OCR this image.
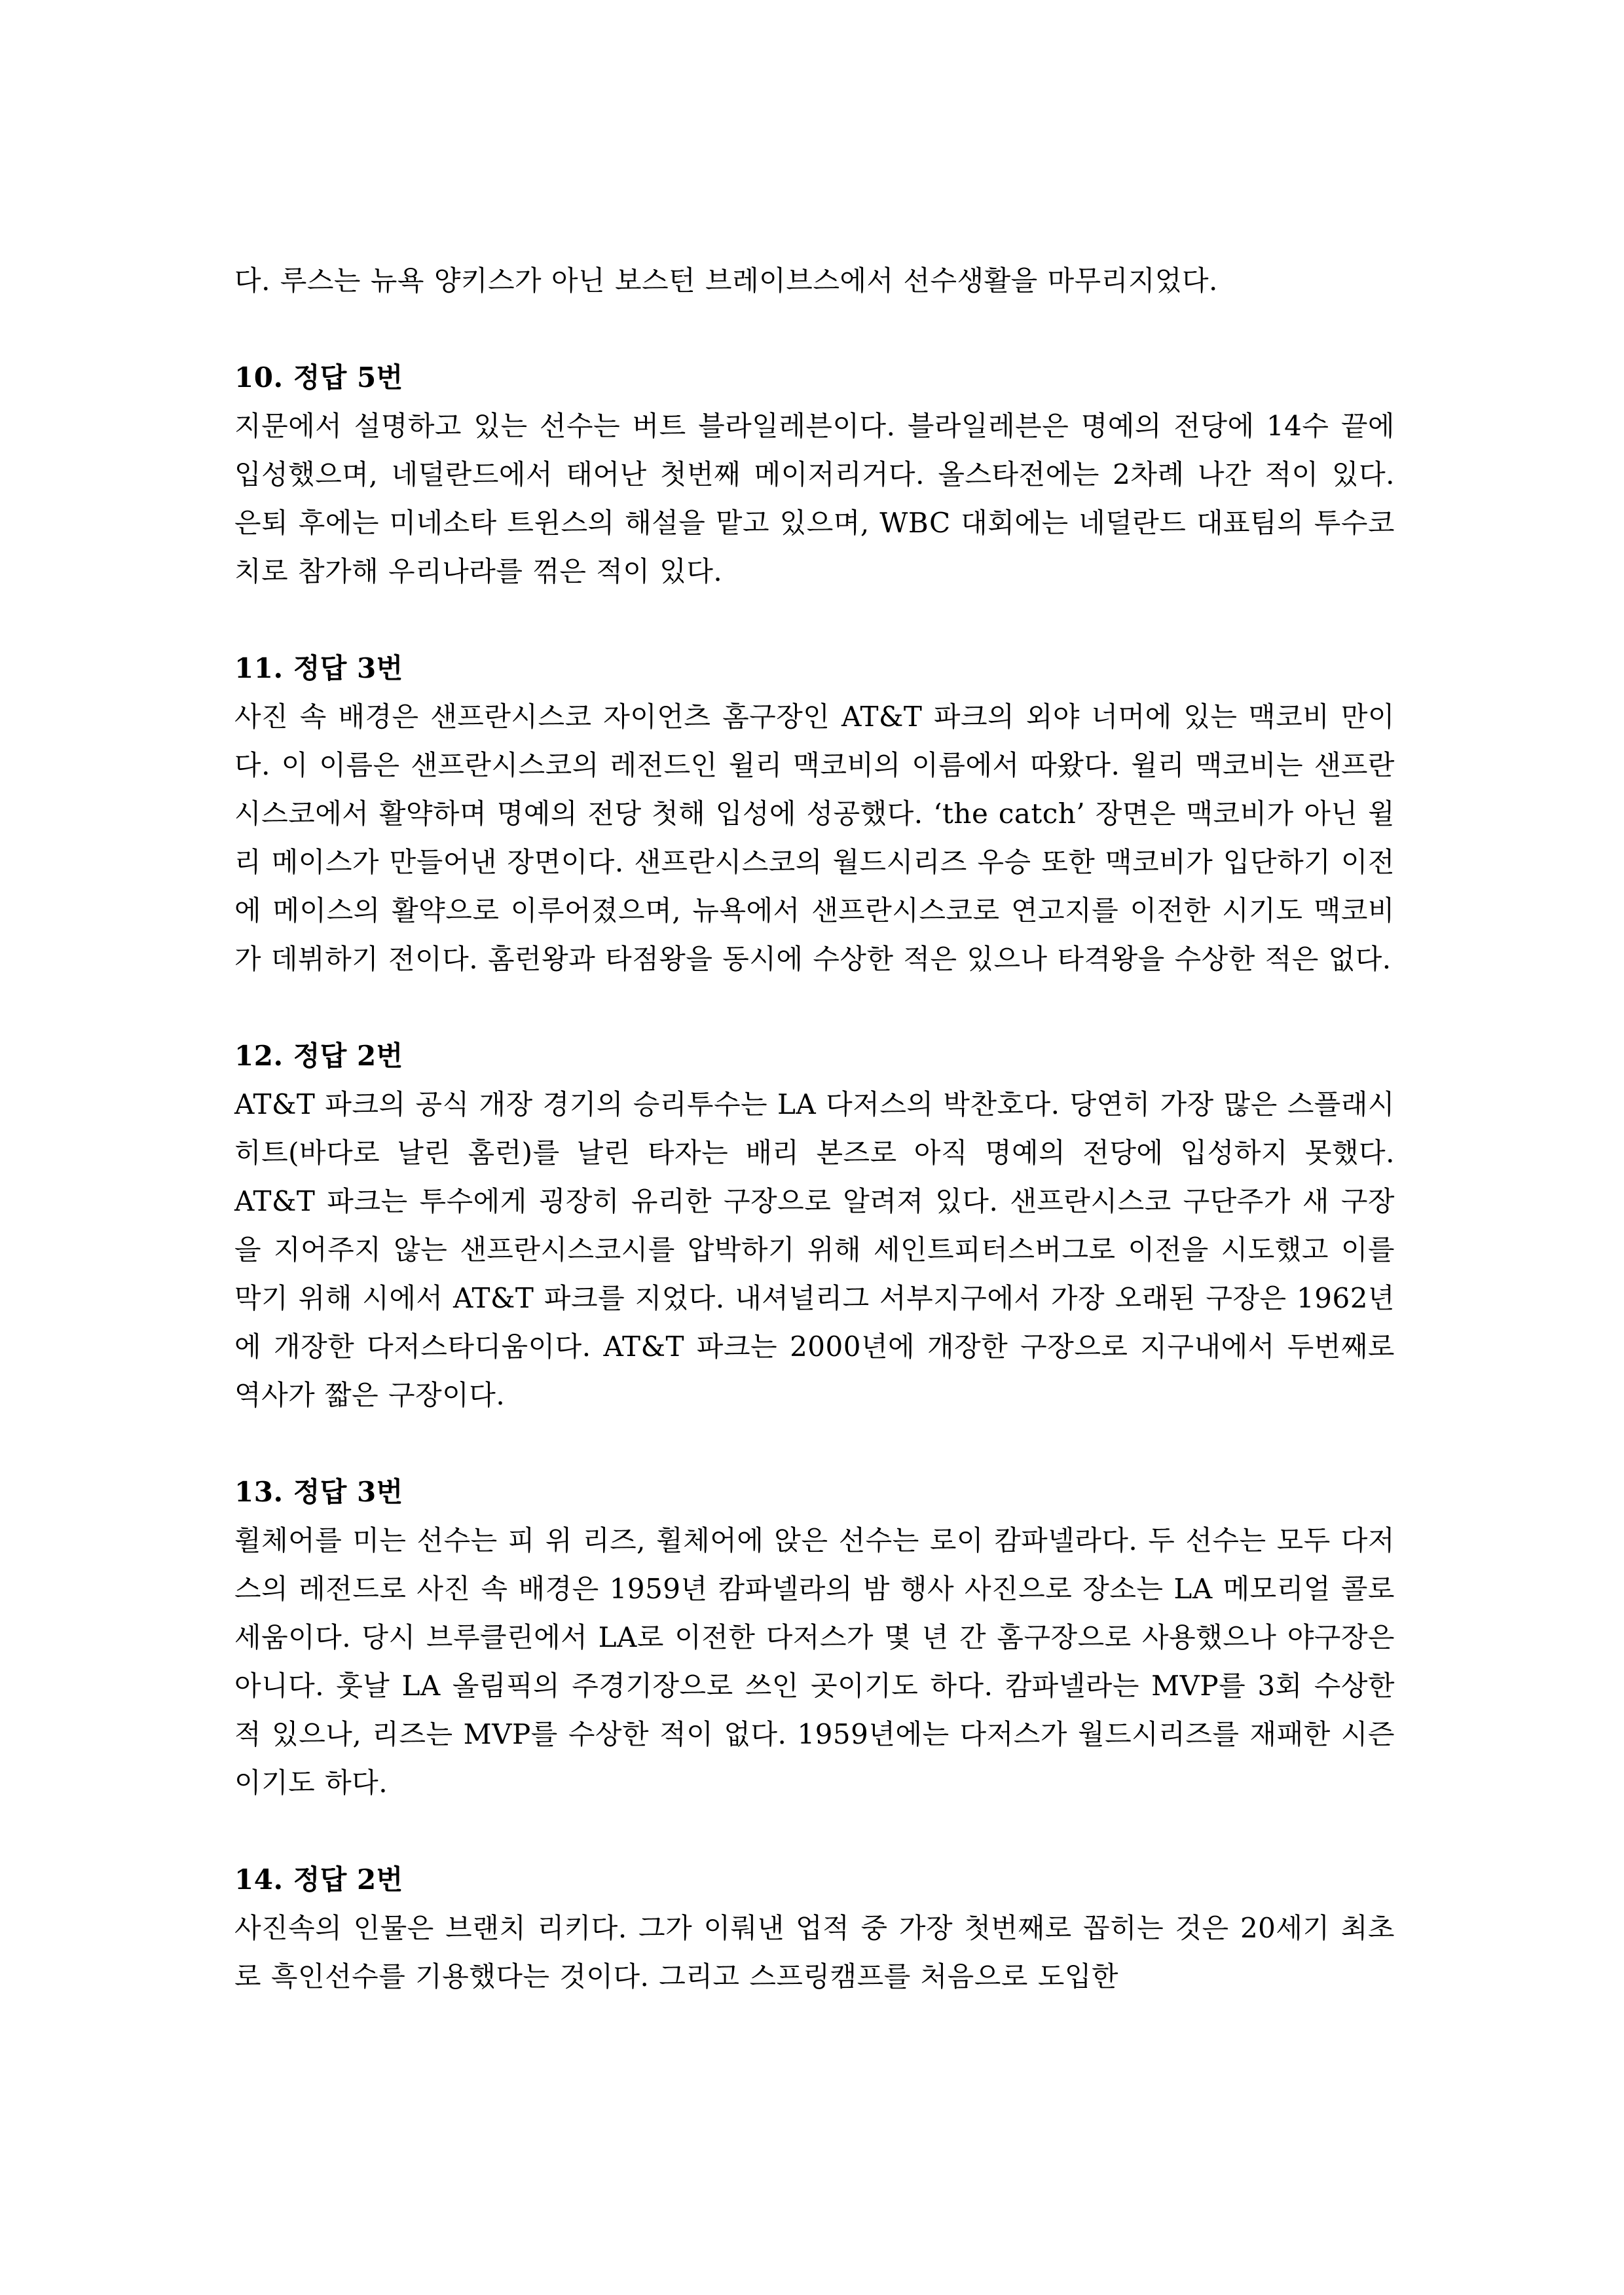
다. 루스는 뉴욕 양키스가 아닌 보스턴 브레이브스에서 선수생활을 마무리지었다.

10. 정답 5번

지문에서 설명하고 있는 선수는 버트 블라일레븐이다. 블라일레븐은 명예의 전당에 14수 끝에 입성했으며, 네덜란드에서 태어난 첫번째 메이저리거다. 올스타전에는 2차례 나간 적이 있다. 은퇴 후에는 미네소타 트윈스의 해설을 맡고 있으며, WBC 대회에는 네덜란드 대표팀의 투수코치로 참가해 우리나라를 꺾은 적이 있다.

11. 정답 3번

사진 속 배경은 샌프란시스코 자이언츠 홈구장인 AT&T 파크의 외야 너머에 있는 맥코비 만이다. 이 이름은 샌프란시스코의 레전드인 윌리 맥코비의 이름에서 따왔다. 윌리 맥코비는 샌프란시스코에서 활약하며 명예의 전당 첫해 입성에 성공했다. ‘the catch’ 장면은 맥코비가 아닌 윌리 메이스가 만들어낸 장면이다. 샌프란시스코의 월드시리즈 우승 또한 맥코비가 입단하기 이전에 메이스의 활약으로 이루어졌으며, 뉴욕에서 샌프란시스코로 연고지를 이전한 시기도 맥코비가 데뷔하기 전이다. 홈런왕과 타점왕을 동시에 수상한 적은 있으나 타격왕을 수상한 적은 없다.

12. 정답 2번

AT&T 파크의 공식 개장 경기의 승리투수는 LA 다저스의 박찬호다. 당연히 가장 많은 스플래시 히트(바다로 날린 홈런)를 날린 타자는 배리 본즈로 아직 명예의 전당에 입성하지 못했다. AT&T 파크는 투수에게 굉장히 유리한 구장으로 알려져 있다. 샌프란시스코 구단주가 새 구장을 지어주지 않는 샌프란시스코시를 압박하기 위해 세인트피터스버그로 이전을 시도했고 이를 막기 위해 시에서 AT&T 파크를 지었다. 내셔널리그 서부지구에서 가장 오래된 구장은 1962년에 개장한 다저스타디움이다. AT&T 파크는 2000년에 개장한 구장으로 지구내에서 두번째로 역사가 짧은 구장이다.

13. 정답 3번

휠체어를 미는 선수는 피 위 리즈, 휠체어에 앉은 선수는 로이 캄파넬라다. 두 선수는 모두 다저스의 레전드로 사진 속 배경은 1959년 캄파넬라의 밤 행사 사진으로 장소는 LA 메모리얼 콜로세움이다. 당시 브루클린에서 LA로 이전한 다저스가 몇 년 간 홈구장으로 사용했으나 야구장은 아니다. 훗날 LA 올림픽의 주경기장으로 쓰인 곳이기도 하다. 캄파넬라는 MVP를 3회 수상한 적 있으나, 리즈는 MVP를 수상한 적이 없다. 1959년에는 다저스가 월드시리즈를 재패한 시즌이기도 하다.

14. 정답 2번

사진속의 인물은 브랜치 리키다. 그가 이뤄낸 업적 중 가장 첫번째로 꼽히는 것은 20세기 최초로 흑인선수를 기용했다는 것이다. 그리고 스프링캠프를 처음으로 도입한
